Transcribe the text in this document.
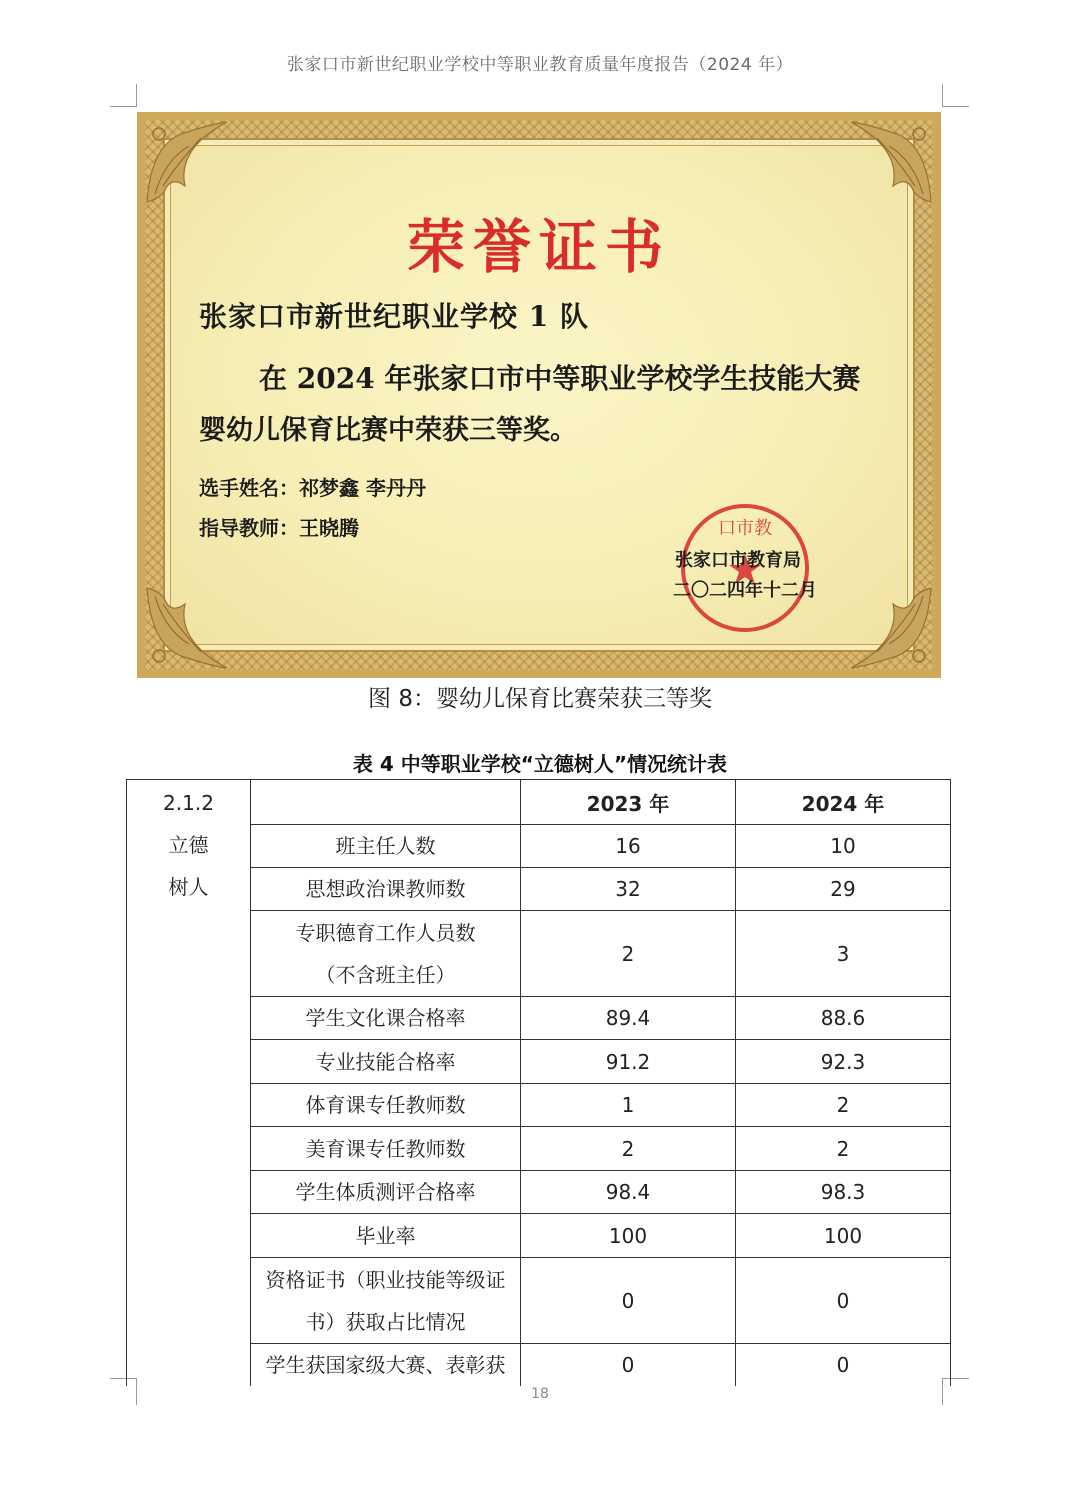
张家口市新世纪职业学校中等职业教育质量年度报告（2024 年）
荣誉证书
张家口市新世纪职业学校 1 队
在 2024 年张家口市中等职业学校学生技能大赛
婴幼儿保育比赛中荣获三等奖。
选手姓名：祁梦鑫 李丹丹
指导教师：王晓腾	口市教
张家口市教育局
二〇二四年十二月
图 8：婴幼儿保育比赛荣获三等奖
表 4 中等职业学校“立德树人”情况统计表
2.1.2
立德
树人		2023 年	2024 年
	班主任人数	16	10
	思想政治课教师数	32	29

	专职德育工作人员数
（不含班主任）	2	3
	学生文化课合格率	89.4	88.6
	专业技能合格率	91.2	92.3
	体育课专任教师数	1	2
	美育课专任教师数	2	2
	学生体质测评合格率	98.4	98.3
	毕业率	100	100

	资格证书（职业技能等级证
书）获取占比情况	0	0
	学生获国家级大赛、表彰获	0	0
18
